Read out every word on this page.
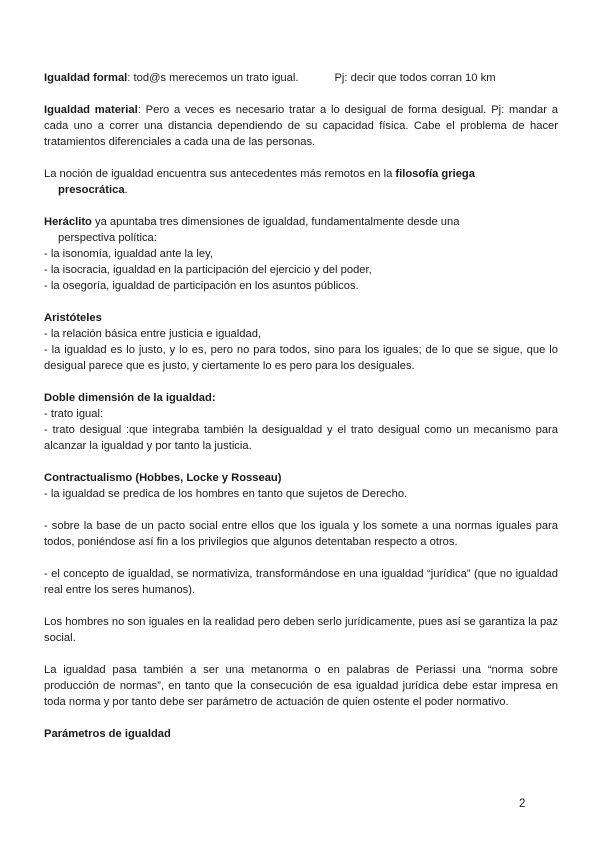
Igualdad formal: tod@s merecemos un trato igual.	Pj: decir que todos corran 10 km

Igualdad material: Pero a veces es necesario tratar a lo desigual de forma desigual. Pj: mandar a cada uno a correr una distancia dependiendo de su capacidad física. Cabe el problema de hacer tratamientos diferenciales a cada una de las personas.

La noción de igualdad encuentra sus antecedentes más remotos en la filosofía griega
presocrática.

Heráclito ya apuntaba tres dimensiones de igualdad, fundamentalmente desde una

perspectiva política:

- la isonomía, igualdad ante la ley,

- la isocracia, igualdad en la participación del ejercicio y del poder,

- la osegoría, igualdad de participación en los asuntos públicos.

Aristóteles

- la relación básica entre justicia e igualdad,

- la igualdad es lo justo, y lo es, pero no para todos, sino para los iguales; de lo que se sigue, que lo desigual parece que es justo, y ciertamente lo es pero para los desiguales.

Doble dimensión de la igualdad:

- trato igual:

- trato desigual :que integraba también la desigualdad y el trato desigual como un mecanismo para alcanzar la igualdad y por tanto la justicia.

Contractualismo (Hobbes, Locke y Rosseau)

- la igualdad se predica de los hombres en tanto que sujetos de Derecho.

- sobre la base de un pacto social entre ellos que los iguala y los somete a una normas iguales para todos, poniéndose así fin a los privilegios que algunos detentaban respecto a otros.

- el concepto de igualdad, se normativiza, transformándose en una igualdad “jurídica” (que no igualdad real entre los seres humanos).

Los hombres no son iguales en la realidad pero deben serlo jurídicamente, pues así se garantiza la paz social.

La igualdad pasa también a ser una metanorma o en palabras de Periassi una “norma sobre producción de normas”, en tanto que la consecución de esa igualdad jurídica debe estar impresa en toda norma y por tanto debe ser parámetro de actuación de quien ostente el poder normativo.

Parámetros de igualdad

2
